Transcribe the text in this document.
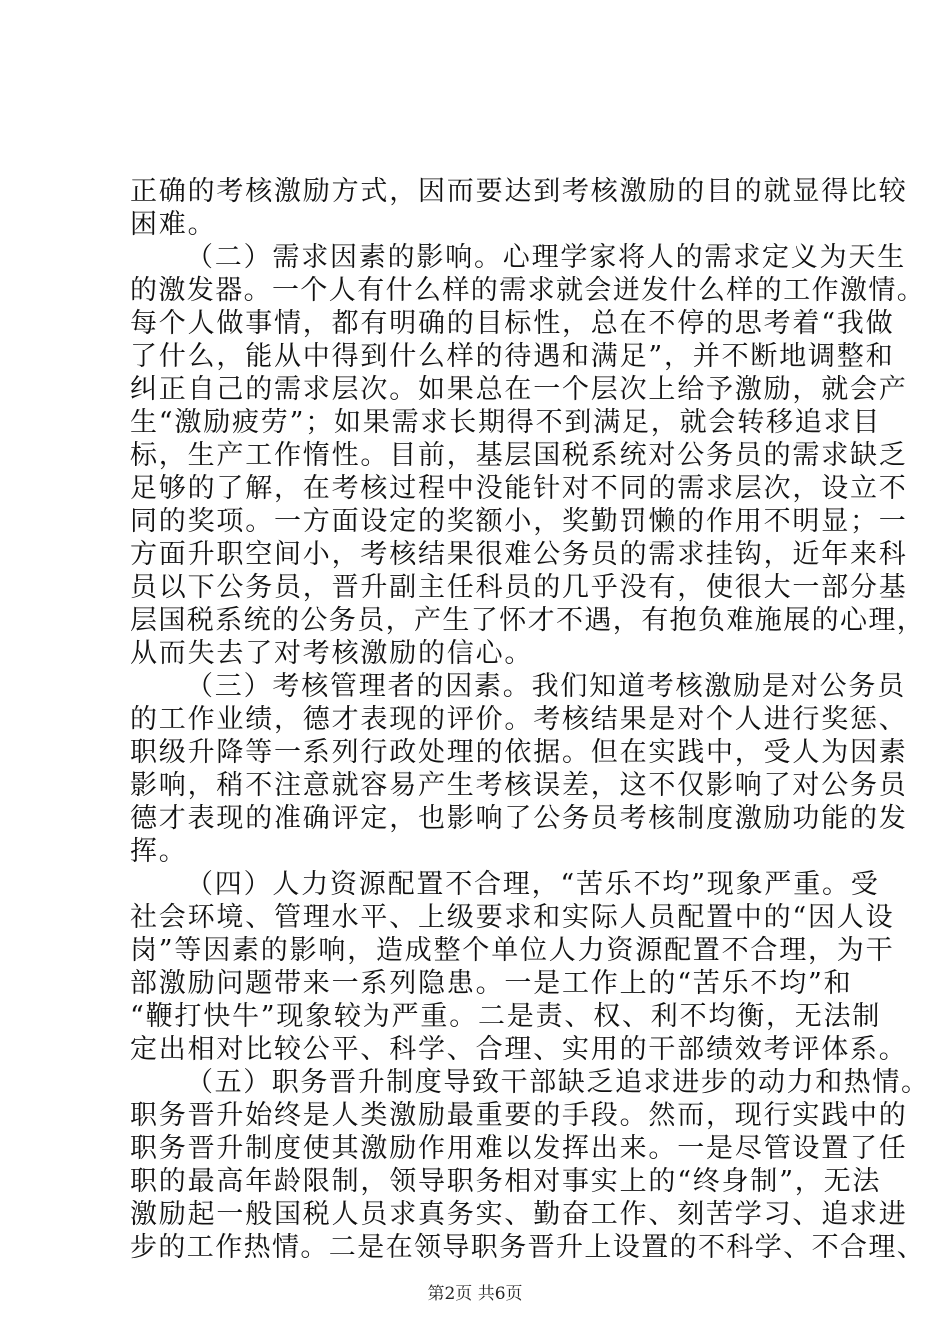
正确的考核激励方式，因而要达到考核激励的目的就显得比较
困难。
（二）需求因素的影响。心理学家将人的需求定义为天生
的激发器。一个人有什么样的需求就会迸发什么样的工作激情。
每个人做事情，都有明确的目标性，总在不停的思考着“我做
了什么，能从中得到什么样的待遇和满足”，并不断地调整和
纠正自己的需求层次。如果总在一个层次上给予激励，就会产
生“激励疲劳”；如果需求长期得不到满足，就会转移追求目
标，生产工作惰性。目前，基层国税系统对公务员的需求缺乏
足够的了解，在考核过程中没能针对不同的需求层次，设立不
同的奖项。一方面设定的奖额小，奖勤罚懒的作用不明显；一
方面升职空间小，考核结果很难公务员的需求挂钩，近年来科
员以下公务员，晋升副主任科员的几乎没有，使很大一部分基
层国税系统的公务员，产生了怀才不遇，有抱负难施展的心理，
从而失去了对考核激励的信心。
（三）考核管理者的因素。我们知道考核激励是对公务员
的工作业绩，德才表现的评价。考核结果是对个人进行奖惩、
职级升降等一系列行政处理的依据。但在实践中，受人为因素
影响，稍不注意就容易产生考核误差，这不仅影响了对公务员
德才表现的准确评定，也影响了公务员考核制度激励功能的发
挥。
（四）人力资源配置不合理，“苦乐不均”现象严重。受
社会环境、管理水平、上级要求和实际人员配置中的“因人设
岗”等因素的影响，造成整个单位人力资源配置不合理，为干
部激励问题带来一系列隐患。一是工作上的“苦乐不均”和
“鞭打快牛”现象较为严重。二是责、权、利不均衡，无法制
定出相对比较公平、科学、合理、实用的干部绩效考评体系。
（五）职务晋升制度导致干部缺乏追求进步的动力和热情。
职务晋升始终是人类激励最重要的手段。然而，现行实践中的
职务晋升制度使其激励作用难以发挥出来。一是尽管设置了任
职的最高年龄限制，领导职务相对事实上的“终身制”，无法
激励起一般国税人员求真务实、勤奋工作、刻苦学习、追求进
步的工作热情。二是在领导职务晋升上设置的不科学、不合理、
第2页 共6页
